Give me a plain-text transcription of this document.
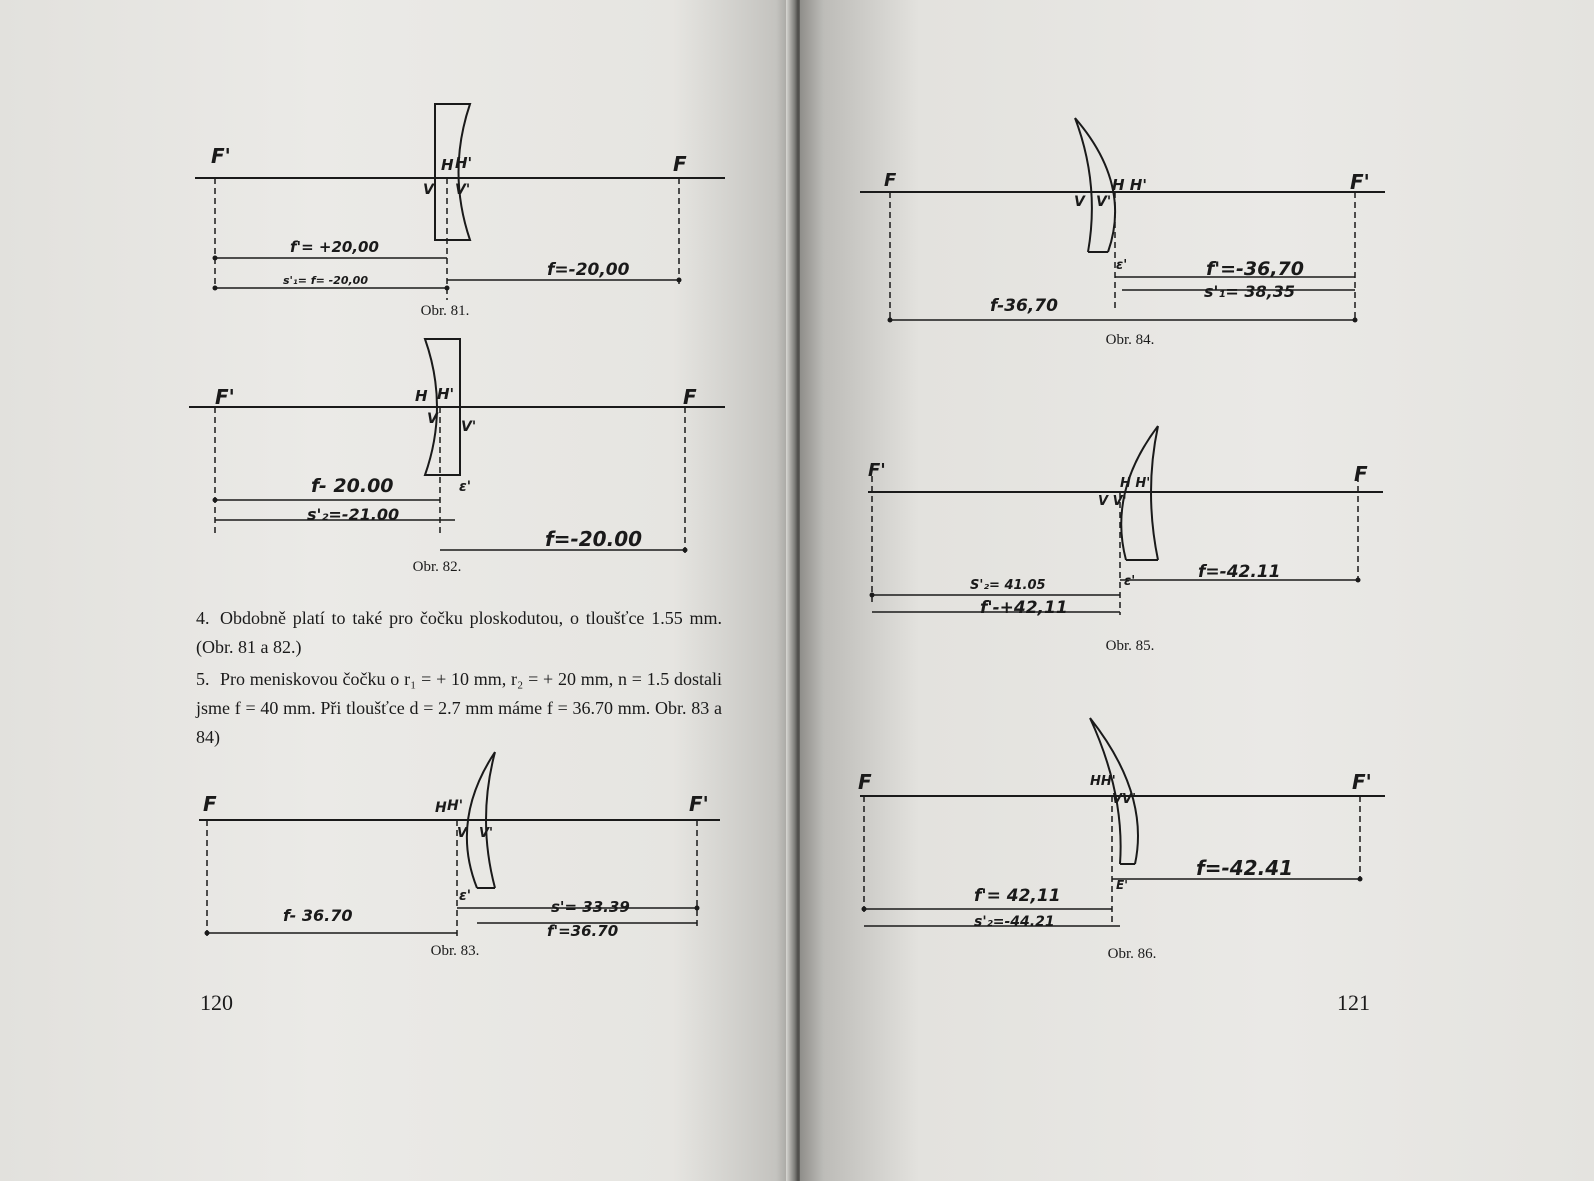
F'	F
H H'
V V'
f'= +20,00
s'₁= f= -20,00
f=-20,00
Obr. 81.
F'	F
H H'
V V'
f- 20.00
s'₂=-21.00
ε'
f=-20.00
Obr. 82.
4. Obdobně platí to také pro čočku ploskodutou, o tloušťce 1.55 mm. (Obr. 81 a 82.)
5. Pro meniskovou čočku o r₁ = + 10 mm, r₂ = + 20 mm, n = 1.5 dostali jsme f = 40 mm. Při tloušťce d = 2.7 mm máme f = 36.70 mm. Obr. 83 a 84)
F	F'
H H'
V V'
f- 36.70
ε'
s'= 33.39
f'=36.70
Obr. 83.
120
F	F'
H H'
V V'
ε'	f'=-36,70
s'₁= 38,35
f-36,70
Obr. 84.
F'	F
H H'
V V'
ε'	f=-42.11
S'₂= 41.05
f'-+42,11
Obr. 85.
F	F'
HH'
VV'
E'
f=-42.41
f'= 42,11
s'₂=-44.21
Obr. 86.
121
